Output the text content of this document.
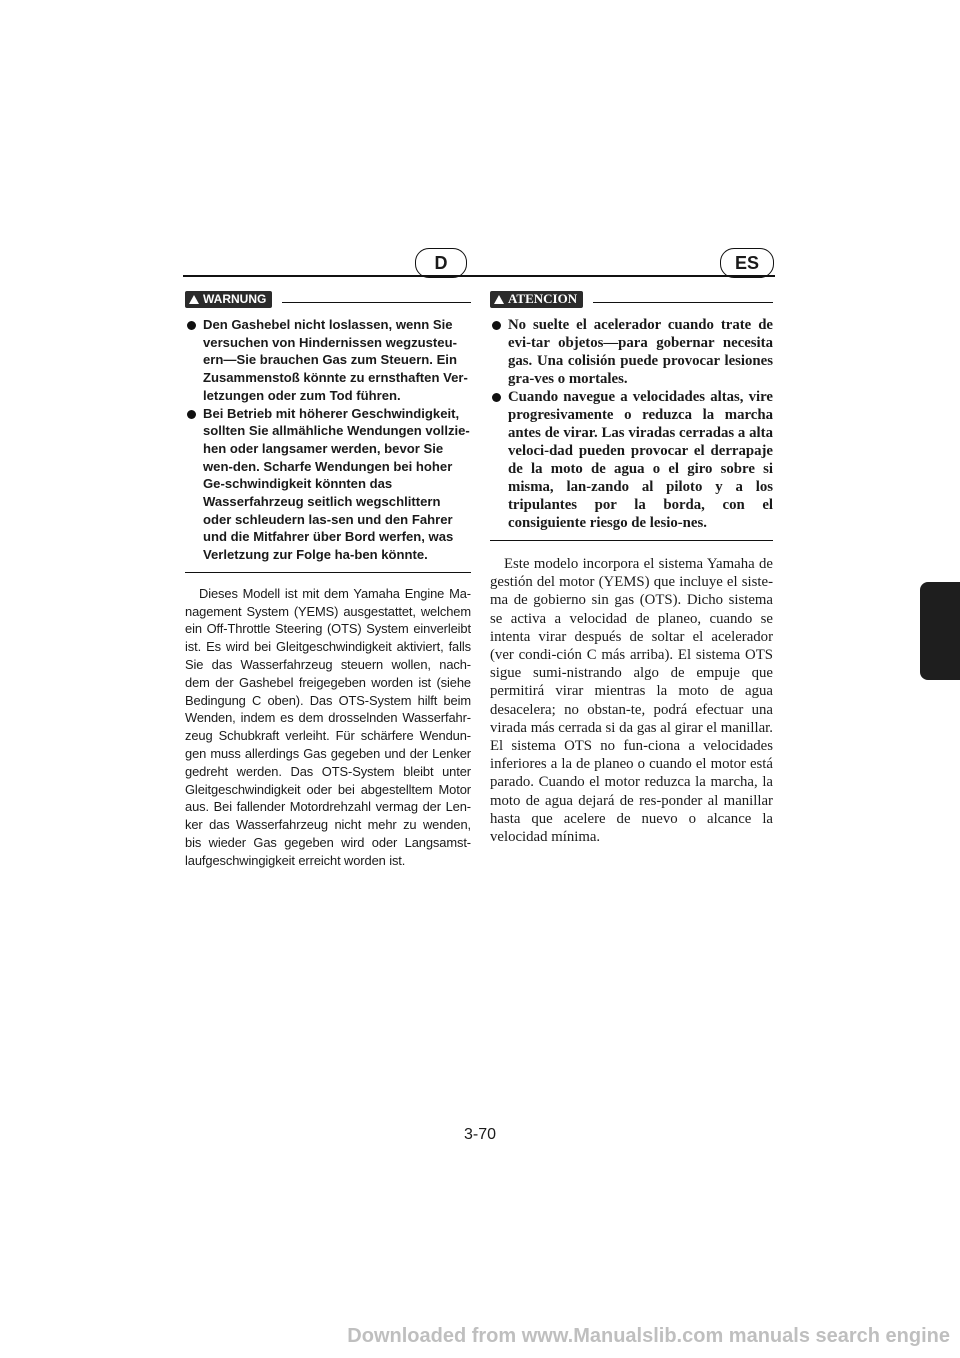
D	ES
WARNUNG
Den Gashebel nicht loslassen, wenn Sie versuchen von Hindernissen wegzusteu-ern—Sie brauchen Gas zum Steuern. Ein Zusammenstoß könnte zu ernsthaften Ver-letzungen oder zum Tod führen.
Bei Betrieb mit höherer Geschwindigkeit, sollten Sie allmähliche Wendungen vollzie-hen oder langsamer werden, bevor Sie wen-den. Scharfe Wendungen bei hoher Ge-schwindigkeit könnten das Wasserfahrzeug seitlich wegschlittern oder schleudern las-sen und den Fahrer und die Mitfahrer über Bord werfen, was Verletzung zur Folge ha-ben könnte.

Dieses Modell ist mit dem Yamaha Engine Ma-nagement System (YEMS) ausgestattet, welchem ein Off-Throttle Steering (OTS) System einverleibt ist. Es wird bei Gleitgeschwindigkeit aktiviert, falls Sie das Wasserfahrzeug steuern wollen, nach-dem der Gashebel freigegeben worden ist (siehe Bedingung C oben). Das OTS-System hilft beim Wenden, indem es dem drosselnden Wasserfahr-zeug Schubkraft verleiht. Für schärfere Wendun-gen muss allerdings Gas gegeben und der Lenker gedreht werden. Das OTS-System bleibt unter Gleitgeschwindigkeit oder bei abgestelltem Motor aus. Bei fallender Motordrehzahl vermag der Len-ker das Wasserfahrzeug nicht mehr zu wenden, bis wieder Gas gegeben wird oder Langsamst-laufgeschwingigkeit erreicht worden ist.

ATENCION
No suelte el acelerador cuando trate de evi-tar objetos—para gobernar necesita gas. Una colisión puede provocar lesiones gra-ves o mortales.
Cuando navegue a velocidades altas, vire progresivamente o reduzca la marcha antes de virar. Las viradas cerradas a alta veloci-dad pueden provocar el derrapaje de la moto de agua o el giro sobre si misma, lan-zando al piloto y a los tripulantes por la borda, con el consiguiente riesgo de lesio-nes.

Este modelo incorpora el sistema Yamaha de gestión del motor (YEMS) que incluye el siste-ma de gobierno sin gas (OTS). Dicho sistema se activa a velocidad de planeo, cuando se intenta virar después de soltar el acelerador (ver condi-ción C más arriba). El sistema OTS sigue sumi-nistrando algo de empuje que permitirá virar mientras la moto de agua desacelera; no obstan-te, podrá efectuar una virada más cerrada si da gas al girar el manillar. El sistema OTS no fun-ciona a velocidades inferiores a la de planeo o cuando el motor está parado. Cuando el motor reduzca la marcha, la moto de agua dejará de res-ponder al manillar hasta que acelere de nuevo o alcance la velocidad mínima.

3-70
Downloaded from www.Manualslib.com manuals search engine
